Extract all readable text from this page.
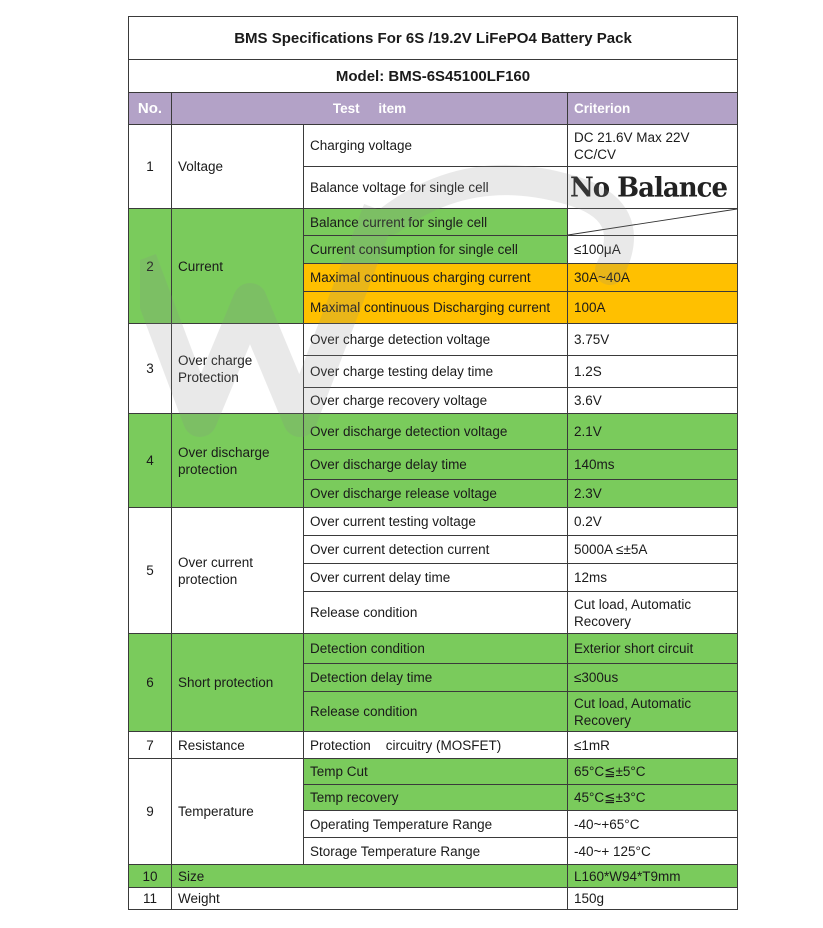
BMS Specifications For 6S /19.2V LiFePO4 Battery Pack			
Model: BMS-6S45100LF160			
No.	Test     item		Criterion
1	Voltage	Charging voltage	DC 21.6V Max 22V
CC/CV
		Balance voltage for single cell	No Balance

2	Current	Balance current for single cell	

		Current consumption for single cell	≤100μA
		Maximal continuous charging current	30A~40A
		Maximal continuous Discharging current	100A
3	Over charge Protection	Over charge detection voltage	3.75V
		Over charge testing delay time	1.2S
		Over charge recovery voltage	3.6V
4	Over discharge protection	Over discharge detection voltage	2.1V
		Over discharge delay time	140ms
		Over discharge release voltage	2.3V
5	Over current protection	Over current testing voltage	0.2V
		Over current detection current	5000A ≤±5A
		Over current delay time	12ms
		Release condition	Cut load, Automatic Recovery
6	Short protection	Detection condition	Exterior short circuit
		Detection delay time	≤300us
		Release condition	Cut load, Automatic Recovery
7	Resistance	Protection    circuitry (MOSFET)	≤1mR
9	Temperature	Temp Cut	65°C≦±5°C
		Temp recovery	45°C≦±3°C
		Operating Temperature Range	-40~+65°C
		Storage Temperature Range	-40~+ 125°C
10	Size		L160*W94*T9mm
11	Weight		150g
